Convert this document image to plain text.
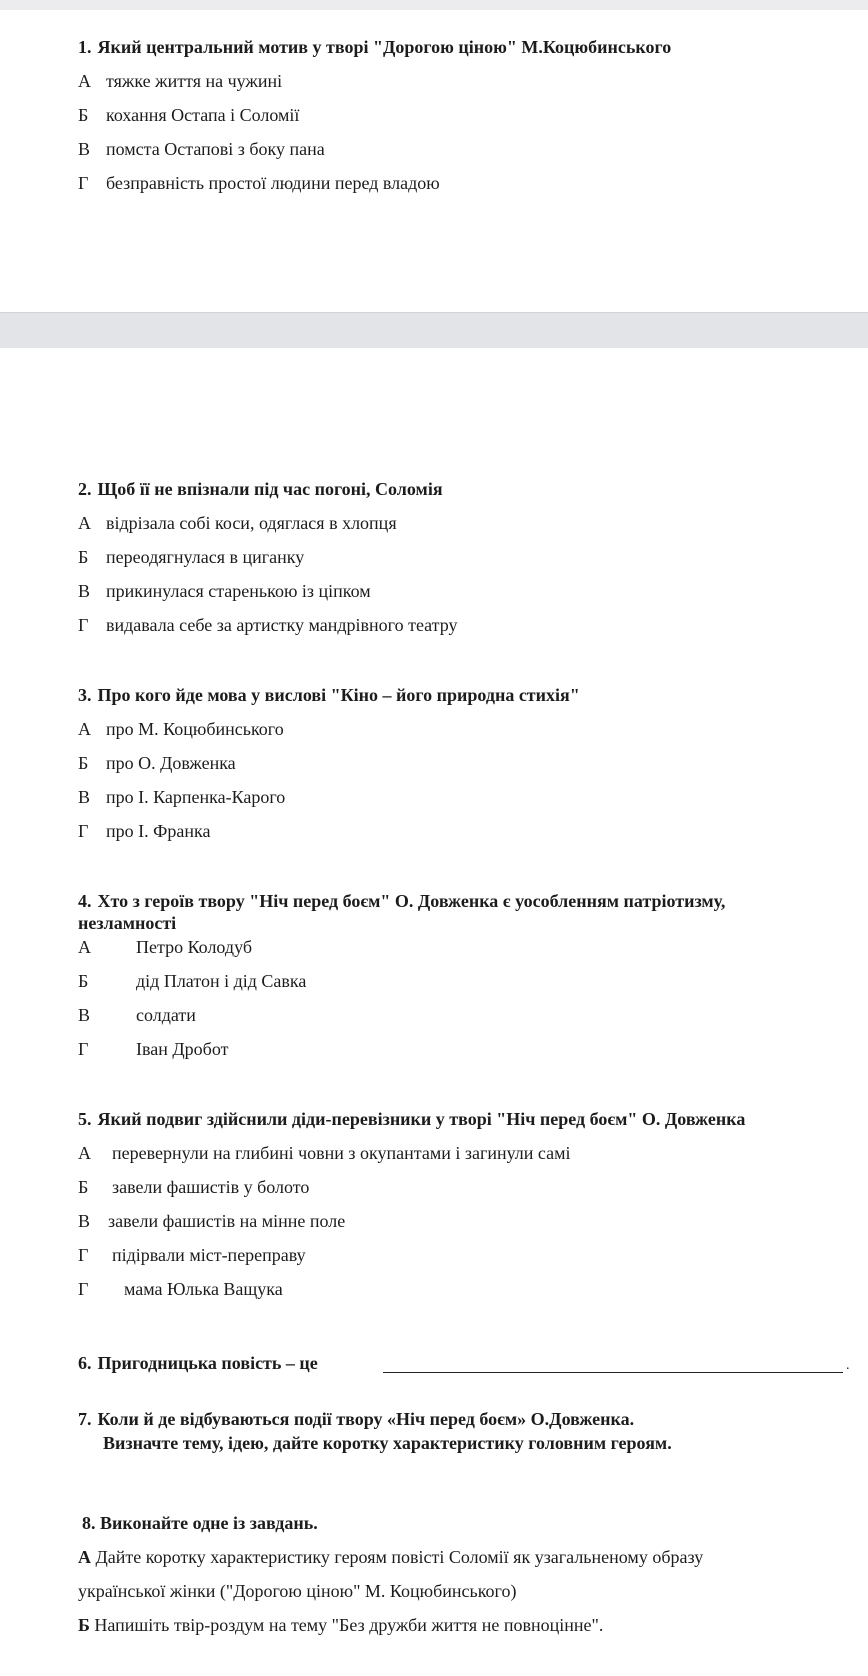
1. Який центральний мотив у творі "Дорогою ціною" М.Коцюбинського
А тяжке життя на чужині
Б кохання Остапа і Соломії
В помста Остапові з боку пана
Г безправність простої людини перед владою
2. Щоб її не впізнали під час погоні, Соломія
А відрізала собі коси, одяглася в хлопця
Б переодягнулася в циганку
В прикинулася старенькою із ціпком
Г видавала себе за артистку мандрівного театру
3. Про кого йде мова у вислові "Кіно – його природна стихія"
А про М. Коцюбинського
Б про О. Довженка
В про І. Карпенка-Карого
Г про І. Франка
4. Хто з героїв твору "Ніч перед боєм" О. Довженка є уособленням патріотизму,
незламності
А	Петро Колодуб
Б	дід Платон і дід Савка
В	солдати
Г	Іван Дробот
5. Який подвиг здійснили діди-перевізники у творі "Ніч перед боєм" О. Довженка
А перевернули на глибині човни з окупантами і загинули самі
Б завели фашистів у болото
В завели фашистів на мінне поле
Г підірвали міст-переправу
Г мама Юлька Ващука
6. Пригодницька повість – це	.
7. Коли й де відбуваються події твору «Ніч перед боєм» О.Довженка.
Визначте тему, ідею, дайте коротку характеристику головним героям.
8. Виконайте одне із завдань.
А Дайте коротку характеристику героям повісті Соломії як узагальненому образу
української жінки ("Дорогою ціною" М. Коцюбинського)
Б Напишіть твір-роздум на тему "Без дружби життя не повноцінне".
